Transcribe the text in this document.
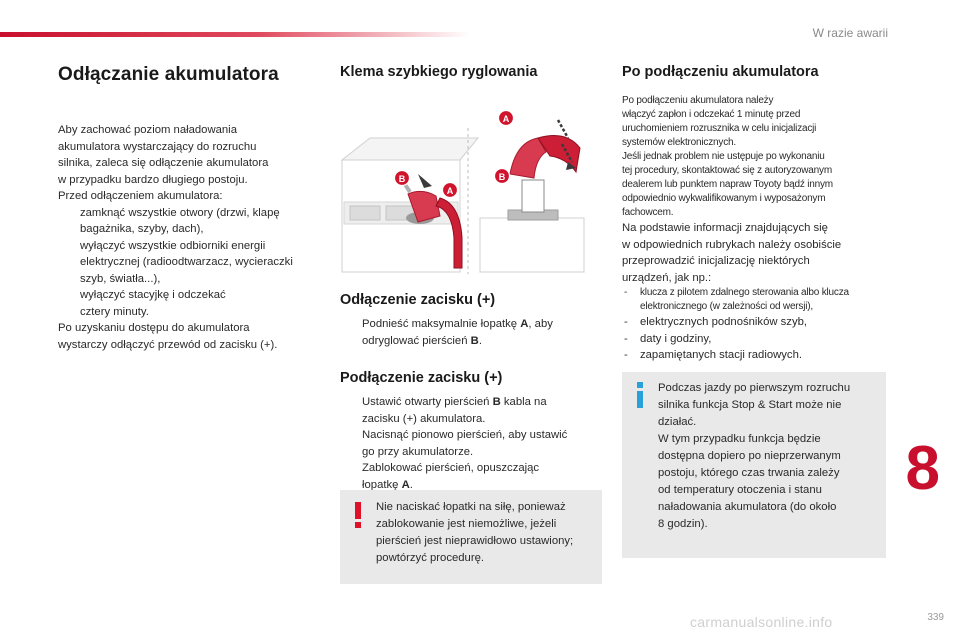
W razie awarii
Odłączanie akumulatora
Aby zachować poziom naładowania
akumulatora wystarczający do rozruchu
silnika, zaleca się odłączenie akumulatora
w przypadku bardzo długiego postoju.
Przed odłączeniem akumulatora:
zamknąć wszystkie otwory (drzwi, klapę
bagażnika, szyby, dach),
wyłączyć wszystkie odbiorniki energii
elektrycznej (radioodtwarzacz, wycieraczki
szyb, światła...),
wyłączyć stacyjkę i odczekać
cztery minuty.
Po uzyskaniu dostępu do akumulatora
wystarczy odłączyć przewód od zacisku (+).
Klema szybkiego ryglowania
B
A
B
A
Odłączenie zacisku (+)
Podnieść maksymalnie łopatkę A, aby
odryglować pierścień B.
Podłączenie zacisku (+)
Ustawić otwarty pierścień B kabla na
zacisku (+) akumulatora.
Nacisnąć pionowo pierścień, aby ustawić
go przy akumulatorze.
Zablokować pierścień, opuszczając
łopatkę A.
Nie naciskać łopatki na siłę, ponieważ
zablokowanie jest niemożliwe, jeżeli
pierścień jest nieprawidłowo ustawiony;
powtórzyć procedurę.
Po podłączeniu akumulatora
Po podłączeniu akumulatora należy
włączyć zapłon i odczekać 1 minutę przed
uruchomieniem rozrusznika w celu inicjalizacji
systemów elektronicznych.
Jeśli jednak problem nie ustępuje po wykonaniu
tej procedury, skontaktować się z autoryzowanym
dealerem lub punktem napraw Toyoty bądź innym
odpowiednio wykwalifikowanym i wyposażonym
fachowcem.
Na podstawie informacji znajdujących się
w odpowiednich rubrykach należy osobiście
przeprowadzić inicjalizację niektórych
urządzeń, jak np.:
- klucza z pilotem zdalnego sterowania albo klucza
elektronicznego (w zależności od wersji),
- elektrycznych podnośników szyb,
- daty i godziny,
- zapamiętanych stacji radiowych.
Podczas jazdy po pierwszym rozruchu
silnika funkcja Stop & Start może nie
działać.
W tym przypadku funkcja będzie
dostępna dopiero po nieprzerwanym
postoju, którego czas trwania zależy
od temperatury otoczenia i stanu
naładowania akumulatora (do około
8 godzin).
8
carmanualsonline.info	339
